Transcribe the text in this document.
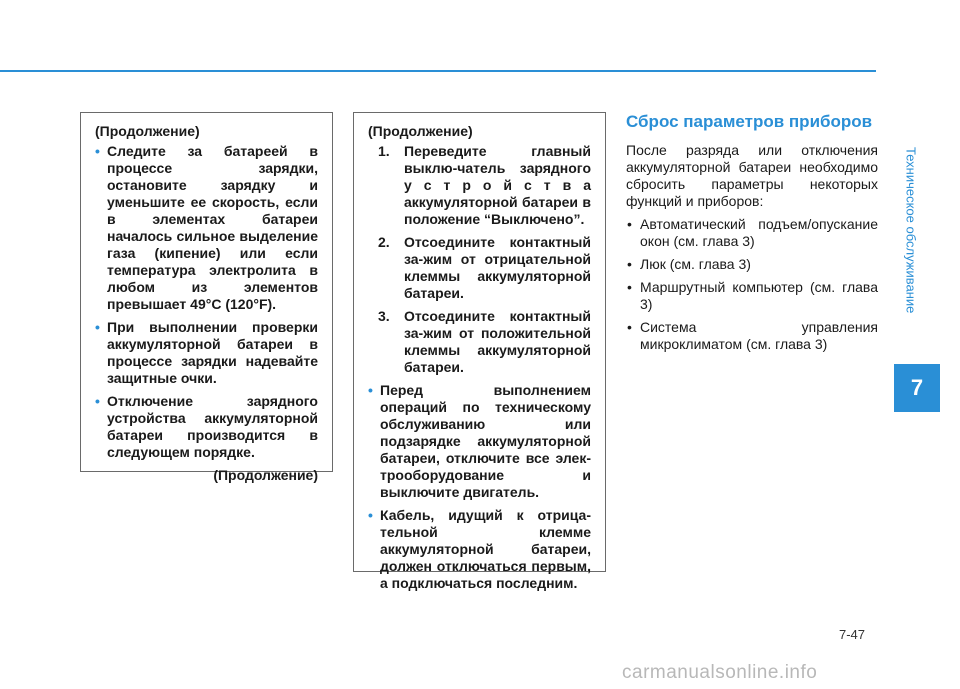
(Продолжение)

• Следите за батареей в процессе зарядки, остановите зарядку и уменьшите ее скорость, если в элементах батареи началось сильное выделение газа (кипение) или если температура электролита в любом из элементов превышает 49°C (120°F).

• При выполнении проверки аккумуляторной батареи в процессе зарядки надевайте защитные очки.

• Отключение зарядного устройства аккумуляторной батареи производится в следующем порядке.

(Продолжение)

(Продолжение)

1. Переведите главный выклю-чатель зарядного у с т р о й с т в а аккумуляторной батареи в положение “Выключено”.
2. Отсоедините контактный за-жим от отрицательной клеммы аккумуляторной батареи.
3. Отсоедините контактный за-жим от положительной клеммы аккумуляторной батареи.

• Перед выполнением операций по техническому обслуживанию или подзарядке аккумуляторной батареи, отключите все элек-трооборудование и выключите двигатель.

• Кабель, идущий к отрица-тельной клемме аккумуляторной батареи, должен отключаться первым, а подключаться последним.

Сброс параметров приборов

После разряда или отключения аккумуляторной батареи необходимо сбросить параметры некоторых функций и приборов:

• Автоматический подъем/опускание окон (см. глава 3)
• Люк (см. глава 3)
• Маршрутный компьютер (см. глава 3)
• Система управления микроклиматом (см. глава 3)
Техническое обслуживание
7
7-47
carmanualsonline.info
